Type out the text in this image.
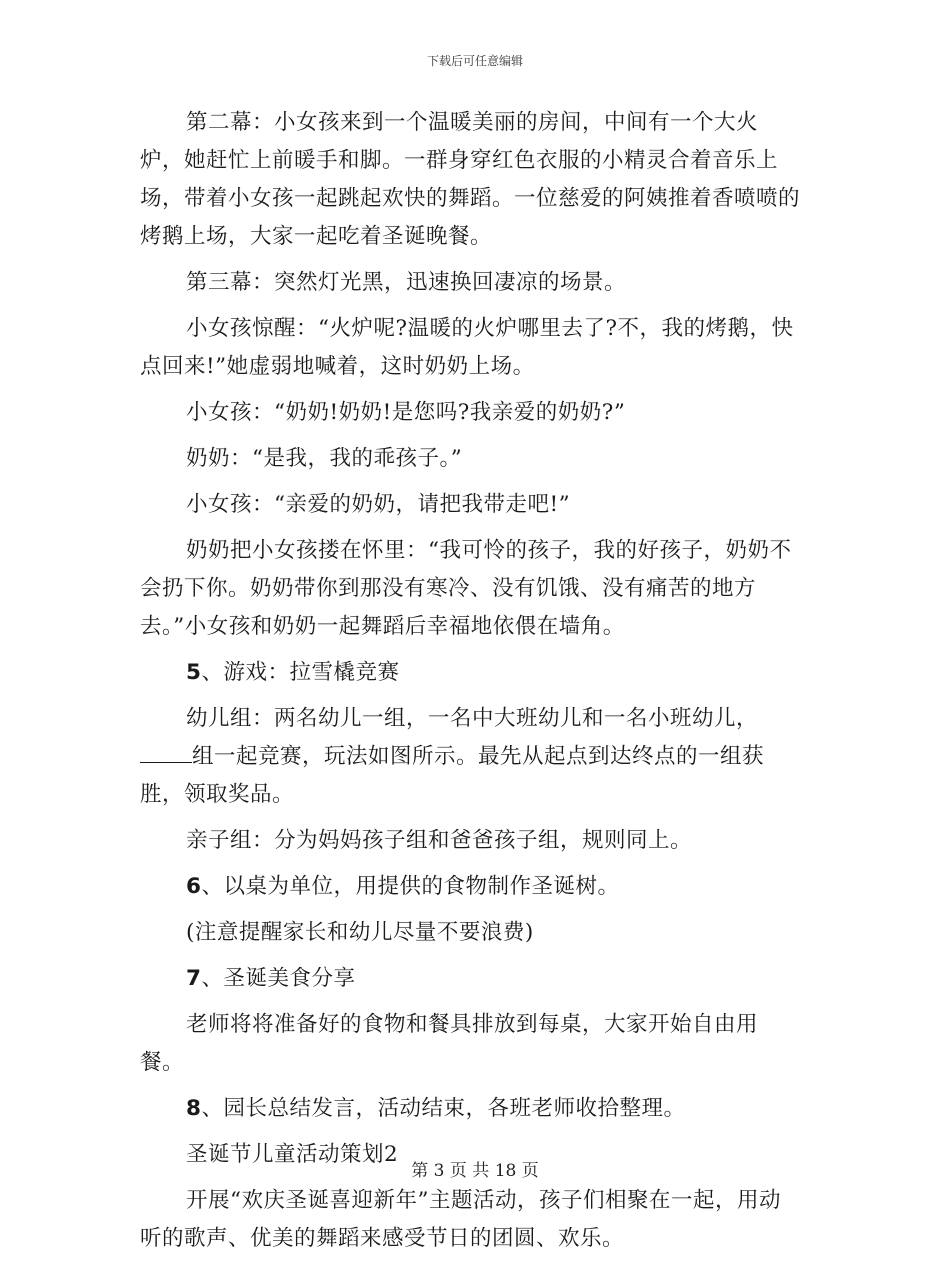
下载后可任意编辑

第二幕：小女孩来到一个温暖美丽的房间，中间有一个大火炉，她赶忙上前暖手和脚。一群身穿红色衣服的小精灵合着音乐上场，带着小女孩一起跳起欢快的舞蹈。一位慈爱的阿姨推着香喷喷的烤鹅上场，大家一起吃着圣诞晚餐。

第三幕：突然灯光黑，迅速换回凄凉的场景。

小女孩惊醒：“火炉呢?温暖的火炉哪里去了?不，我的烤鹅，快点回来!”她虚弱地喊着，这时奶奶上场。

小女孩：“奶奶!奶奶!是您吗?我亲爱的奶奶?”

奶奶：“是我，我的乖孩子。”

小女孩：“亲爱的奶奶，请把我带走吧!”

奶奶把小女孩搂在怀里：“我可怜的孩子，我的好孩子，奶奶不会扔下你。奶奶带你到那没有寒冷、没有饥饿、没有痛苦的地方去。”小女孩和奶奶一起舞蹈后幸福地依偎在墙角。

5、游戏：拉雪橇竞赛

幼儿组：两名幼儿一组，一名中大班幼儿和一名小班幼儿，组一起竞赛，玩法如图所示。最先从起点到达终点的一组获胜，领取奖品。

亲子组：分为妈妈孩子组和爸爸孩子组，规则同上。

6、以桌为单位，用提供的食物制作圣诞树。

(注意提醒家长和幼儿尽量不要浪费)

7、圣诞美食分享

老师将将准备好的食物和餐具排放到每桌，大家开始自由用餐。

8、园长总结发言，活动结束，各班老师收拾整理。

圣诞节儿童活动策划2

开展“欢庆圣诞喜迎新年”主题活动，孩子们相聚在一起，用动听的歌声、优美的舞蹈来感受节日的团圆、欢乐。

第 3 页 共 18 页
